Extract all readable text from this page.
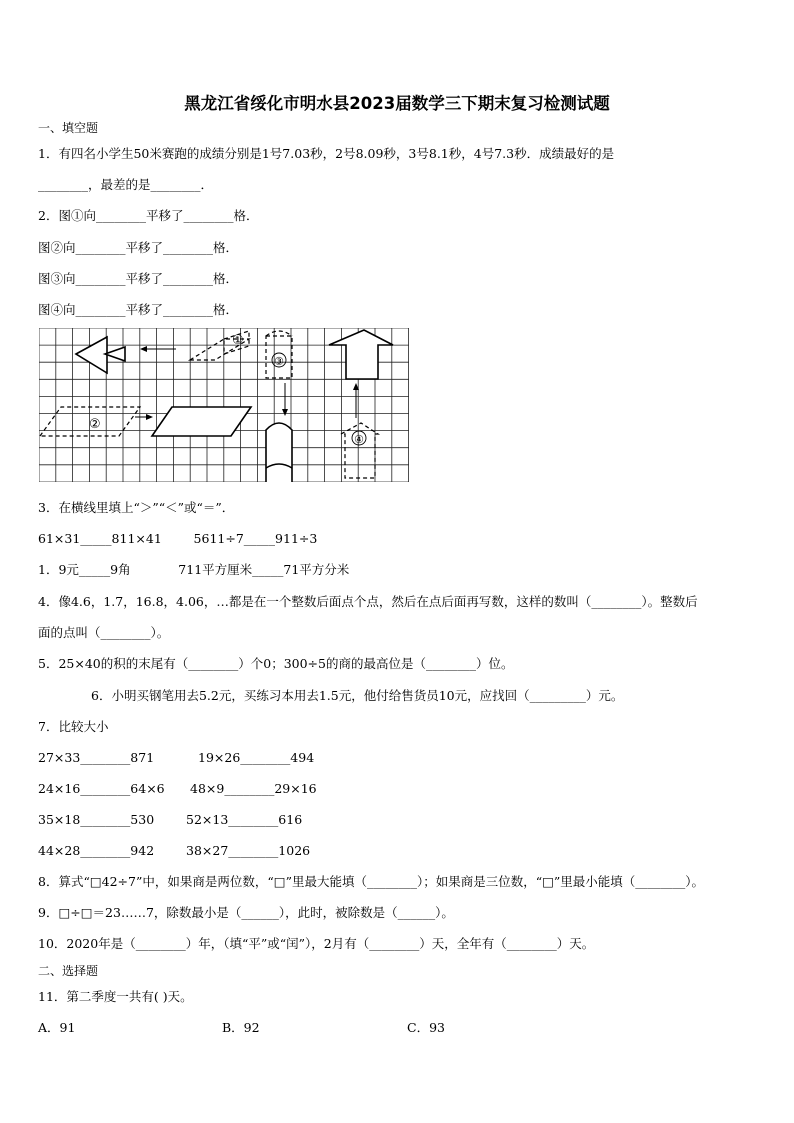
黑龙江省绥化市明水县2023届数学三下期末复习检测试题
一、填空题
1．有四名小学生50米赛跑的成绩分别是1号7.03秒，2号8.09秒，3号8.1秒，4号7.3秒．成绩最好的是
________，最差的是________．
2．图①向________平移了________格．
图②向________平移了________格．
图③向________平移了________格．
图④向________平移了________格．
①
③
②
④
3．在横线里填上“＞”“＜”或“＝”．
61×31_____811×41        5611÷7_____911÷3
1．9元_____9角            711平方厘米_____71平方分米
4．像4.6，1.7，16.8，4.06，…都是在一个整数后面点个点，然后在点后面再写数，这样的数叫（________）。整数后
面的点叫（________）。
5．25×40的积的末尾有（________）个0；300÷5的商的最高位是（________）位。
6．小明买钢笔用去5.2元，买练习本用去1.5元，他付给售货员10元，应找回（_________）元。
7．比较大小
27×33________871	19×26________494
24×16________64×6 48×9________29×16
35×18________530	52×13________616
44×28________942	38×27________1026
8．算式“□42÷7”中，如果商是两位数，“□”里最大能填（________）；如果商是三位数，“□”里最小能填（________）。
9．□÷□＝23……7，除数最小是（______），此时，被除数是（______）。
10．2020年是（________）年，（填“平”或“闰”），2月有（________）天，全年有（________）天。
二、选择题
11．第二季度一共有( )天。
A．91	B．92	C．93
